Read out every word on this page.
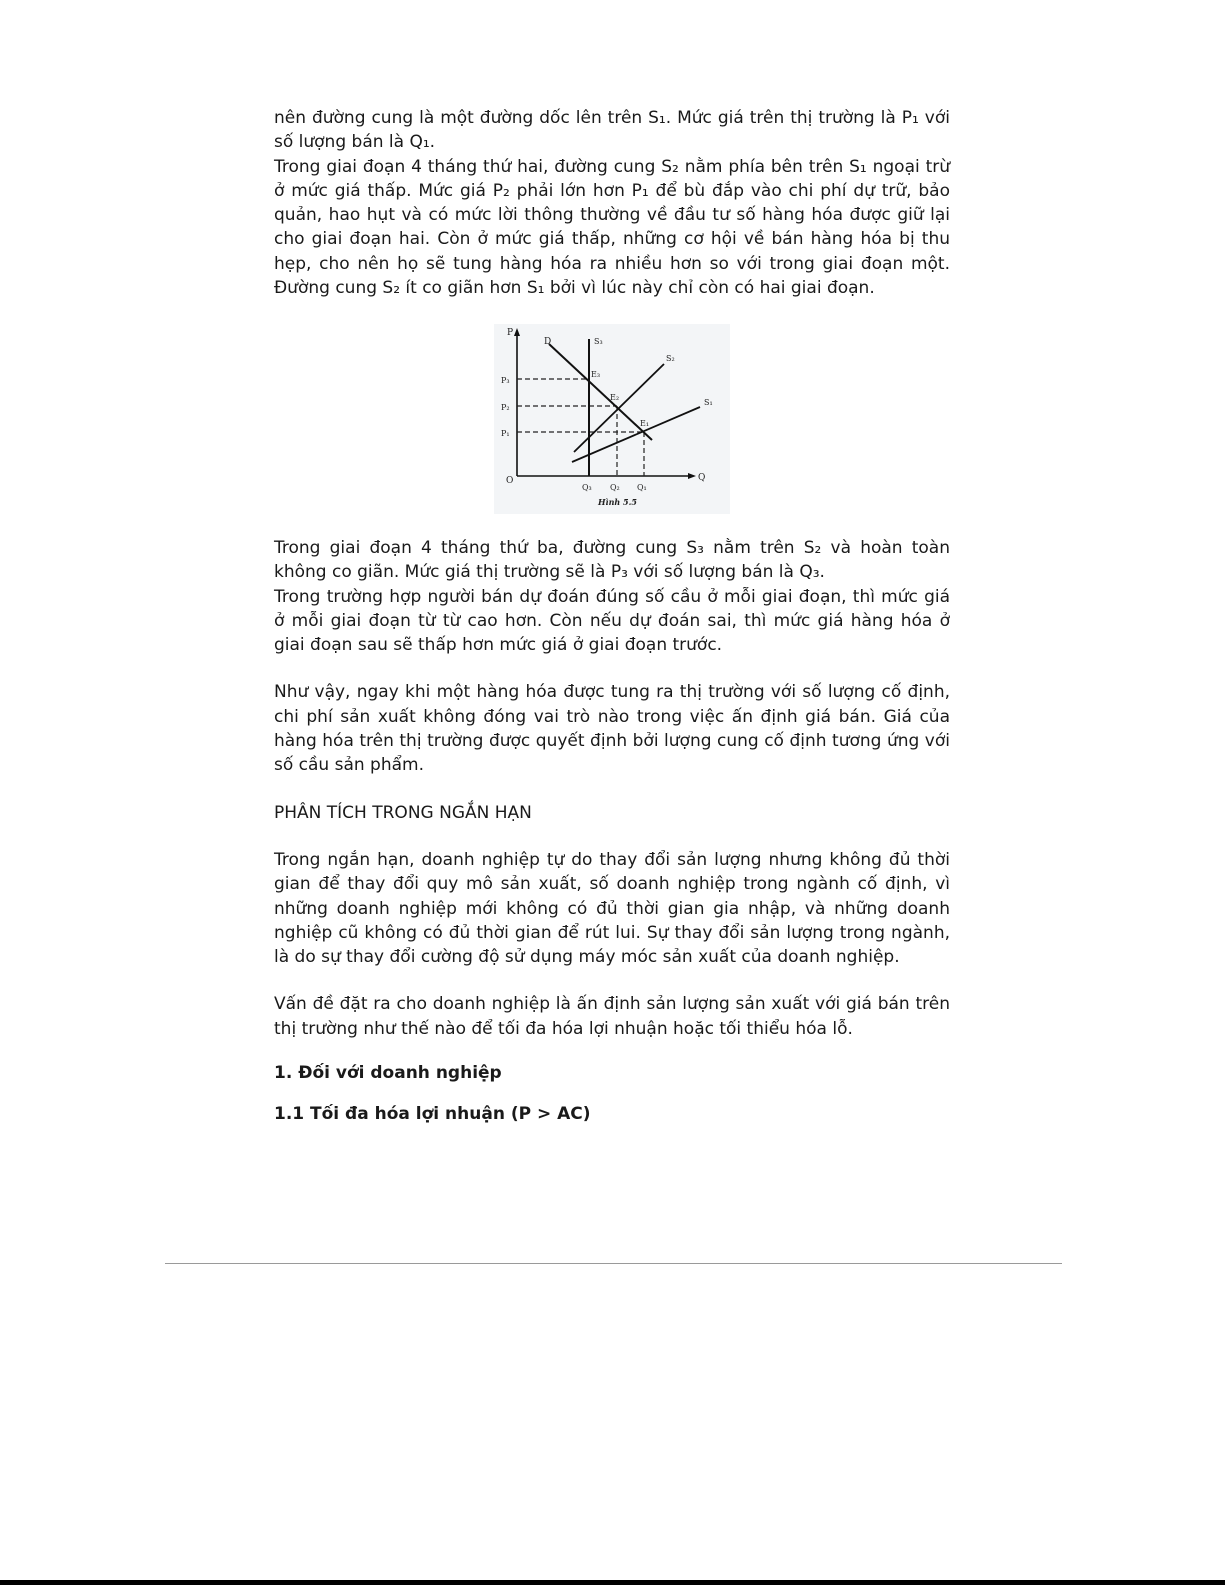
nên đường cung là một đường dốc lên trên S₁. Mức giá trên thị trường là P₁ với số lượng bán là Q₁.

Trong giai đoạn 4 tháng thứ hai, đường cung S₂ nằm phía bên trên S₁ ngoại trừ ở mức giá thấp. Mức giá P₂ phải lớn hơn P₁ để bù đắp vào chi phí dự trữ, bảo quản, hao hụt và có mức lời thông thường về đầu tư số hàng hóa được giữ lại cho giai đoạn hai. Còn ở mức giá thấp, những cơ hội về bán hàng hóa bị thu hẹp, cho nên họ sẽ tung hàng hóa ra nhiều hơn so với trong giai đoạn một. Đường cung S₂ ít co giãn hơn S₁ bởi vì lúc này chỉ còn có hai giai đoạn.

P
Q
O
D	S₃
S₂
S₁
E₃
E₂
E₁
P₃
P₂
P₁
Q₃ Q₂ Q₁
Hình 5.5

Trong giai đoạn 4 tháng thứ ba, đường cung S₃ nằm trên S₂ và hoàn toàn không co giãn. Mức giá thị trường sẽ là P₃ với số lượng bán là Q₃.

Trong trường hợp người bán dự đoán đúng số cầu ở mỗi giai đoạn, thì mức giá ở mỗi giai đoạn từ từ cao hơn. Còn nếu dự đoán sai, thì mức giá hàng hóa ở giai đoạn sau sẽ thấp hơn mức giá ở giai đoạn trước.

Như vậy, ngay khi một hàng hóa được tung ra thị trường với số lượng cố định, chi phí sản xuất không đóng vai trò nào trong việc ấn định giá bán. Giá của hàng hóa trên thị trường được quyết định bởi lượng cung cố định tương ứng với số cầu sản phẩm.

PHÂN TÍCH TRONG NGẮN HẠN

Trong ngắn hạn, doanh nghiệp tự do thay đổi sản lượng nhưng không đủ thời gian để thay đổi quy mô sản xuất, số doanh nghiệp trong ngành cố định, vì những doanh nghiệp mới không có đủ thời gian gia nhập, và những doanh nghiệp cũ không có đủ thời gian để rút lui. Sự thay đổi sản lượng trong ngành, là do sự thay đổi cường độ sử dụng máy móc sản xuất của doanh nghiệp.

Vấn đề đặt ra cho doanh nghiệp là ấn định sản lượng sản xuất với giá bán trên thị trường như thế nào để tối đa hóa lợi nhuận hoặc tối thiểu hóa lỗ.

1. Đối với doanh nghiệp

1.1 Tối đa hóa lợi nhuận (P > AC)
